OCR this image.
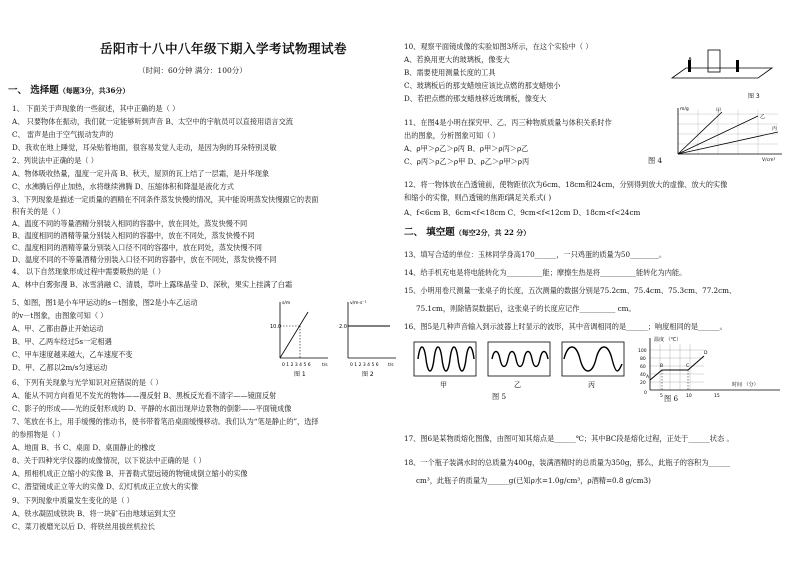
岳阳市十八中八年级下期入学考试物理试卷
（时间：60分钟 满分：100分）
一、 选择题（每题3分，共36分）
1、 下面关于声现象的一些叙述，其中正确的是（ ）
A、 只要物体在振动，我们就一定能够听到声音 B、太空中的宇航员可以直接用语言交流
C、 雷声是由于空气振动发声的
D、我欢在地上睡觉，耳朵贴着地面，很容易发觉人走动，是因为狗的耳朵特别灵敏
2、列说法中正确的是（ ）
A、物体吸收热量，温度一定升高 B、秋天，屋顶的瓦上结了一层霜，是升华现象
C、水沸腾后停止加热，水将继续沸腾 D、压缩体积和降温是液化方式
3、下列现象是描述一定质量的酒精在不同条件蒸发快慢的情况，其中能说明蒸发快慢跟它的表面
积有关的是（ ）
A、温度不同的等量酒精分别装入相同的容器中，放在同处，蒸发快慢不同
B、温度相同的酒精等量分别装入相同的容器中，放在不同处，蒸发快慢不同
C、温度相同的酒精等量分别装入口径不同的容器中，放在同处，蒸发快慢不同
D、温度不同的不等量酒精分别装入口径不同的容器中，放在不同处，蒸发快慢不同
4、 以下自然现象形成过程中需要吸热的是（ ）
A、林中白雾弥漫 B、冰雪消融 C、清晨，草叶上露珠晶莹 D、深秋，果实上挂满了白霜
5、如图，图1是小车甲运动的s－t图象，图2是小车乙运动
的v－t图象，由图象可知（ ）
A、甲、乙都由静止开始运动
B、甲、乙两车经过5s一定相遇
C、甲车速度越来越大，乙车速度不变
D、甲、乙都以2m/s匀速运动
10.0
0 1 2 3 4 5 6	t/s
s/m
图 1
2.0
0 1 2 3 4 5 6 t/s
v/m·s⁻¹
图 2
6、下列有关现象与光学知识对应错误的是（ ）
A、能从不同方向看见不发光的物体——漫反射 B、黑板反光看不清字——镜面反射
C、影子的形成——光的反射形成的 D、平静的水面出现岸边景物的倒影——平面镜成像
7、笔放在书上，用手缓慢的推动书，使书带着笔沿桌面缓慢移动。我们认为“笔是静止的”，选择
的参照物是（ ）
A、地面 B、书 C、桌面 D、桌面静止的橡皮
8、关于四种光学仪器的成像情况，以下说法中正确的是（ ）
A、照相机成正立缩小的实像 B、开普勒式望远镜的物镜成倒立缩小的实像
C、潜望镜成正立等大的实像 D、幻灯机成正立放大的实像
9、下列现象中质量发生变化的是（ ）
A、铁水凝固成铁块 B、将一块矿石由地球运到太空
C、菜刀被磨光以后 D、将铁丝用拔丝机拉长
10、观察平面镜成像的实验如图3所示，在这个实验中（ ）
A、若换用更大的玻璃板，像变大
B、需要使用测量长度的工具
C、玻璃板后的那支蜡烛应该比点燃的那支蜡烛小
D、若把点燃的那支蜡烛移近玻璃板，像变大	图 3
11、在图4是小明在探究甲、乙、丙三种物质质量与体积关系时作
出的图象，分析图象可知（ ）
A、ρ甲＞ρ乙＞ρ丙 B、ρ甲＞ρ丙＞ρ乙
C、ρ丙＞ρ乙＞ρ甲 D、ρ乙＞ρ甲＞ρ丙
甲
乙
丙
m/g
V/cm³
图 4
12、将一物体放在凸透镜前，使物距依次为6cm、18cm和24cm，分别得到放大的虚像、放大的实像
和缩小的实像，则凸透镜的焦距f满足关系式( )
A、f<6cm B、6cm<f<18cm C、9cm<f<12cm D、18cm<f<24cm
二、 填空题（每空2分，共 22 分）
13、填写合适的单位：玉林同学身高170______，一只鸡蛋的质量为50________。
14、给手机充电是将电能转化为__________能；摩擦生热是将__________能转化为内能。
15、小明用卷尺测量一张桌子的长度，五次测量的数据分别是75.2cm、75.4cm、75.3cm、77.2cm、
75.1cm，则除错误数据后，这张桌子的长度应记作__________ cm。
16、图5是几种声音输入到示波器上时显示的波形，其中音调相同的是______；响度相同的是______。
甲	乙	丙
图 5
温度 （℃）
100
80
60
40
20
0
5	10	15
时间 （分）
A
B	C
D
图 6
17、图6是某物质熔化图像，由图可知其熔点是______℃；其中BC段是熔化过程，正处于______状态 。
18、一个瓶子装满水时的总质量为400g，装满酒精时的总质量为350g，那么，此瓶子的容积为______
cm³，此瓶子的质量为______g(已知ρ水=1.0g/cm³，ρ酒精=0.8 g/cm3)
